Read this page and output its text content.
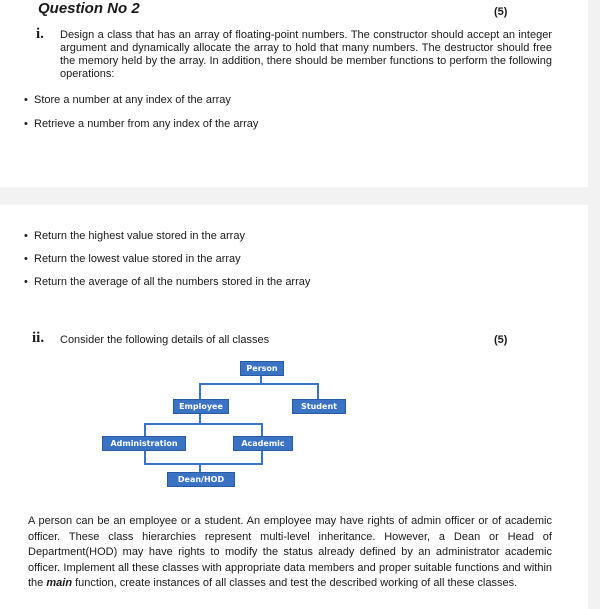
Question No 2	(5)
i. Design a class that has an array of floating-point numbers. The constructor should accept an integer argument and dynamically allocate the array to hold that many numbers. The destructor should free the memory held by the array. In addition, there should be member functions to perform the following operations:
• Store a number at any index of the array
• Retrieve a number from any index of the array
• Return the highest value stored in the array
• Return the lowest value stored in the array
• Return the average of all the numbers stored in the array
ii. Consider the following details of all classes	(5)
Person
Employee	Student
Administration	Academic
Dean/HOD
A person can be an employee or a student. An employee may have rights of admin officer or of academic officer. These class hierarchies represent multi-level inheritance. However, a Dean or Head of Department(HOD) may have rights to modify the status already defined by an administrator academic officer. Implement all these classes with appropriate data members and proper suitable functions and within the main function, create instances of all classes and test the described working of all these classes.
